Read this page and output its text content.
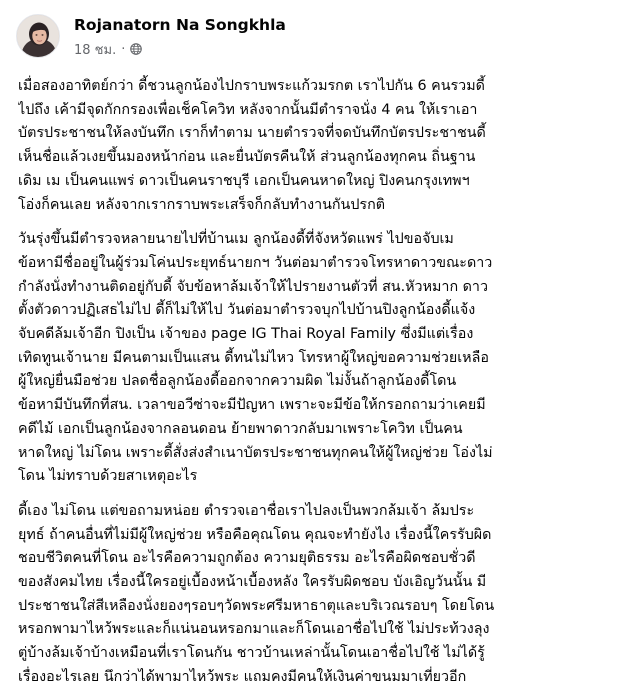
Rojanatorn Na Songkhla
18 ชม. ·
เมื่อสองอาทิตย์กว่า ดี้ชวนลูกน้องไปกราบพระแก้วมรกต เราไปกัน 6 คนรวมดี้
ไปถึง เค้ามีจุดกักกรองเพื่อเช็คโควิท หลังจากนั้นมีตำราจนั่ง 4 คน ให้เราเอา
บัตรประชาชนให้ลงบันทึก เราก็ทำตาม นายตำรวจที่จดบันทึกบัตรประชาชนดี้
เห็นชื่อแล้วเงยขึ้นมองหน้าก่อน และยื่นบัตรคืนให้ ส่วนลูกน้องทุกคน ถิ่นฐาน
เดิม เม เป็นคนแพร่ ดาวเป็นคนราชบุรี เอกเป็นคนหาดใหญ่ ปิงคนกรุงเทพฯ
โอ่งก็คนเลย หลังจากเรากราบพระเสร็จก็กลับทำงานกันปรกติ
วันรุ่งขึ้นมีตำรวจหลายนายไปที่บ้านเม ลูกน้องดี้ที่จังหวัดแพร่ ไปขอจับเม
ข้อหามีชื่ออยู่ในผู้ร่วมโค่นประยุทธ์นายกฯ วันต่อมาตำรวจโทรหาดาวขณะดาว
กำลังนั่งทำงานติดอยู่กับดี้ จับข้อหาล้มเจ้าให้ไปรายงานตัวที่ สน.หัวหมาก ดาว
ตั้งตัวดาวปฏิเสธไม่ไป ดี้ก็ไม่ให้ไป วันต่อมาตำรวจบุกไปบ้านปิงลูกน้องดี้แจ้ง
จับคดีล้มเจ้าอีก ปิงเป็น เจ้าของ page IG Thai Royal Family ซึ่งมีแต่เรื่อง
เทิดทูนเจ้านาย มีคนตามเป็นแสน ดี้ทนไม่ไหว โทรหาผู้ใหญ่ขอความช่วยเหลือ
ผู้ใหญ่ยื่นมือช่วย ปลดชื่อลูกน้องดี้ออกจากความผิด ไม่งั้นถ้าลูกน้องดี้โดน
ข้อหามีบันทึกที่สน. เวลาขอวีซ่าจะมีปัญหา เพราะจะมีข้อให้กรอกถามว่าเคยมี
คดีไม้ เอกเป็นลูกน้องจากลอนดอน ย้ายพาดาวกลับมาเพราะโควิท เป็นคน
หาดใหญ่ ไม่โดน เพราะดี้สั่งส่งสำเนาบัตรประชาชนทุกคนให้ผู้ใหญ่ช่วย โอ่งไม่
โดน ไม่ทราบด้วยสาเหตุอะไร
ดี้เอง ไม่โดน แต่ขอถามหน่อย ตำรวจเอาชื่อเราไปลงเป็นพวกล้มเจ้า ล้มประ
ยุทธ์ ถ้าคนอื่นที่ไม่มีผู้ใหญ่ช่วย หรือคือคุณโดน คุณจะทำยังไง เรื่องนี้ใครรับผิด
ชอบชีวิตคนที่โดน อะไรคือความถูกต้อง ความยุติธรรม อะไรคือผิดชอบชั่วดี
ของสังคมไทย เรื่องนี้ใครอยู่เบื้องหน้าเบื้องหลัง ใครรับผิดชอบ บังเอิญวันนั้น มี
ประชาชนใส่สีเหลืองนั่งยองๆรอบๆวัดพระศรีมหาธาตุและบริเวณรอบๆ โดยโดน
หรอกพามาไหว้พระและก็แน่นอนหรอกมาและก็โดนเอาชื่อไปใช้ ไม่ประท้วงลุง
ตู่บ้างล้มเจ้าบ้างเหมือนที่เราโดนกัน ชาวบ้านเหล่านั้นโดนเอาชื่อไปใช้ ไม่ได้รู้
เรื่องอะไรเลย นึกว่าได้พามาไหว้พระ แถมคงมีคนให้เงินค่าขนมมาเที่ยวอีก
